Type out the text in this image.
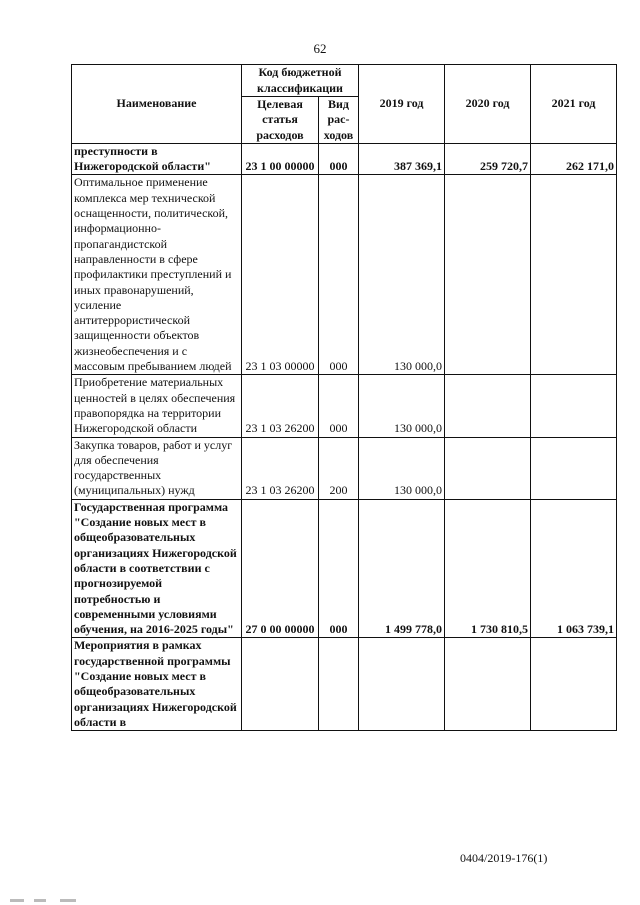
62
Наименование	Код бюджетной классификации		2019 год	2020 год	2021 год
	Целевая статья расходов	Вид рас-ходов			
преступности в Нижегородской области"	23 1 00 00000	000	387 369,1	259 720,7	262 171,0
Оптимальное применение комплекса мер технической оснащенности, политической, информационно-пропагандистской направленности в сфере профилактики преступлений и иных правонарушений, усиление антитеррористической защищенности объектов жизнеобеспечения и с массовым пребыванием людей	23 1 03 00000	000	130 000,0		
Приобретение материальных ценностей в целях обеспечения правопорядка на территории Нижегородской области	23 1 03 26200	000	130 000,0		
Закупка товаров, работ и услуг для обеспечения государственных (муниципальных) нужд	23 1 03 26200	200	130 000,0		
Государственная программа "Создание новых мест в общеобразовательных организациях Нижегородской области в соответствии с прогнозируемой потребностью и современными условиями обучения, на 2016-2025 годы"	27 0 00 00000	000	1 499 778,0	1 730 810,5	1 063 739,1
Мероприятия в рамках государственной программы "Создание новых мест в общеобразовательных организациях Нижегородской области в					
0404/2019-176(1)
